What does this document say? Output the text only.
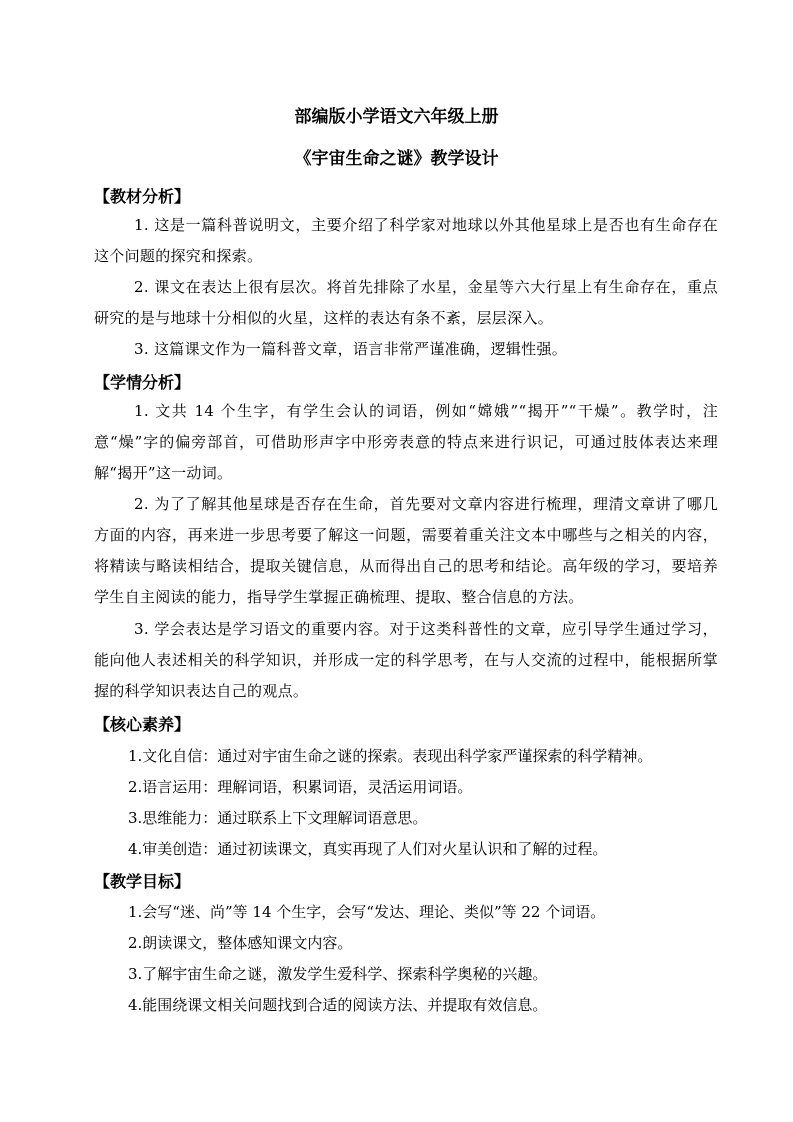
部编版小学语文六年级上册
《宇宙生命之谜》教学设计
【教材分析】
1. 这是一篇科普说明文，主要介绍了科学家对地球以外其他星球上是否也有生命存在这个问题的探究和探索。
2. 课文在表达上很有层次。将首先排除了水星，金星等六大行星上有生命存在，重点研究的是与地球十分相似的火星，这样的表达有条不紊，层层深入。
3. 这篇课文作为一篇科普文章，语言非常严谨准确，逻辑性强。
【学情分析】
1. 文共 14 个生字，有学生会认的词语，例如“嫦娥”“揭开”“干燥”。教学时，注意“燥”字的偏旁部首，可借助形声字中形旁表意的特点来进行识记，可通过肢体表达来理解“揭开”这一动词。
2. 为了了解其他星球是否存在生命，首先要对文章内容进行梳理，理清文章讲了哪几方面的内容，再来进一步思考要了解这一问题，需要着重关注文本中哪些与之相关的内容，将精读与略读相结合，提取关键信息，从而得出自己的思考和结论。高年级的学习，要培养学生自主阅读的能力，指导学生掌握正确梳理、提取、整合信息的方法。
3. 学会表达是学习语文的重要内容。对于这类科普性的文章，应引导学生通过学习，能向他人表述相关的科学知识，并形成一定的科学思考，在与人交流的过程中，能根据所掌握的科学知识表达自己的观点。
【核心素养】
1.文化自信：通过对宇宙生命之谜的探索。表现出科学家严谨探索的科学精神。
2.语言运用：理解词语，积累词语，灵活运用词语。
3.思维能力：通过联系上下文理解词语意思。
4.审美创造：通过初读课文，真实再现了人们对火星认识和了解的过程。
【教学目标】
1.会写“迷、尚”等 14 个生字，会写“发达、理论、类似”等 22 个词语。
2.朗读课文，整体感知课文内容。
3.了解宇宙生命之谜，激发学生爱科学、探索科学奥秘的兴趣。
4.能围绕课文相关问题找到合适的阅读方法、并提取有效信息。
